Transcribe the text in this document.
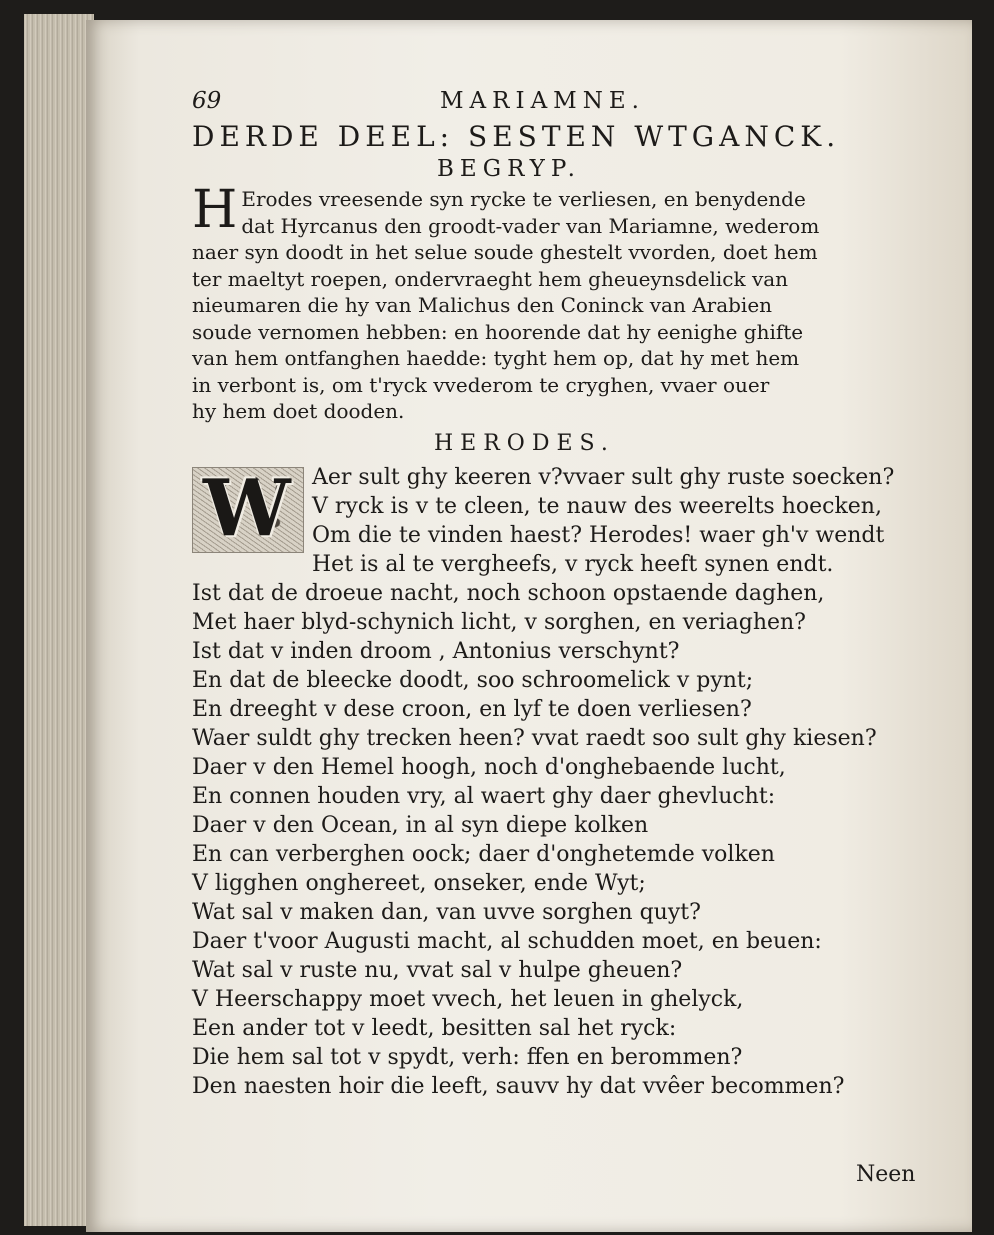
69	MARIAMNE.
DERDE DEEL: SESTEN WTGANCK.
BEGRYP.
H Erodes vreesende syn rycke te verliesen, en benydende
dat Hyrcanus den groodt-vader van Mariamne, wederom
naer syn doodt in het selue soude ghestelt vvorden, doet hem
ter maeltyt roepen, ondervraeght hem gheueynsdelick van
nieumaren die hy van Malichus den Coninck van Arabien
soude vernomen hebben: en hoorende dat hy eenighe ghifte
van hem ontfanghen haedde: tyght hem op, dat hy met hem
in verbont is, om t'ryck vvederom te cryghen, vvaer ouer
hy hem doet dooden.
HERODES.
W Aer sult ghy keeren v?vvaer sult ghy ruste soecken?
V ryck is v te cleen, te nauw des weerelts hoecken,
Om die te vinden haest? Herodes! waer gh'v wendt
Het is al te vergheefs, v ryck heeft synen endt.
Ist dat de droeue nacht, noch schoon opstaende daghen,
Met haer blyd-schynich licht, v sorghen, en veriaghen?
Ist dat v inden droom , Antonius verschynt?
En dat de bleecke doodt, soo schroomelick v pynt;
En dreeght v dese croon, en lyf te doen verliesen?
Waer suldt ghy trecken heen? vvat raedt soo sult ghy kiesen?
Daer v den Hemel hoogh, noch d'onghebaende lucht,
En connen houden vry, al waert ghy daer ghevlucht:
Daer v den Ocean, in al syn diepe kolken
En can verberghen oock; daer d'onghetemde volken
V ligghen onghereet, onseker, ende Wyt;
Wat sal v maken dan, van uvve sorghen quyt?
Daer t'voor Augusti macht, al schudden moet, en beuen:
Wat sal v ruste nu, vvat sal v hulpe gheuen?
V Heerschappy moet vvech, het leuen in ghelyck,
Een ander tot v leedt, besitten sal het ryck:
Die hem sal tot v spydt, verh: ffen en berommen?
Den naesten hoir die leeft, sauvv hy dat vvêer becommen?
Neen
